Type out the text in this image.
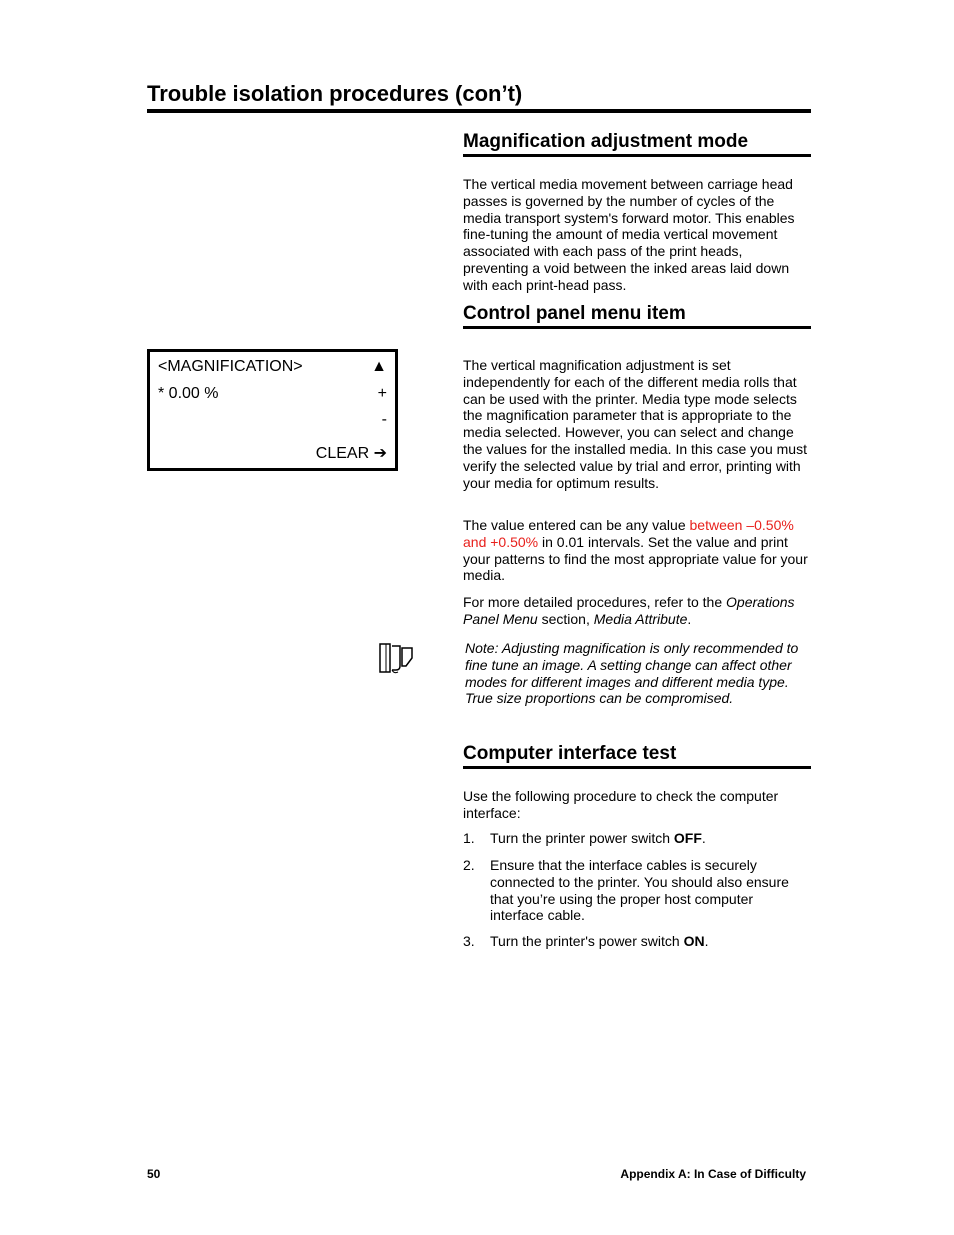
Trouble isolation procedures (con’t)
Magnification adjustment mode
The vertical media movement between carriage head passes is governed by the number of cycles of the media transport system's forward motor. This enables fine-tuning the amount of media vertical movement associated with each pass of the print heads, preventing a void between the inked areas laid down with each print-head pass.
Control panel menu item
<MAGNIFICATION>	▲
* 0.00 %	+
-
CLEAR ➔
The vertical magnification adjustment is set independently for each of the different media rolls that can be used with the printer. Media type mode selects the magnification parameter that is appropriate to the media selected. However, you can select and change the values for the installed media. In this case you must verify the selected value by trial and error, printing with your media for optimum results.
The value entered can be any value between –0.50% and +0.50% in 0.01 intervals. Set the value and print your patterns to find the most appropriate value for your media.
For more detailed procedures, refer to the Operations Panel Menu section, Media Attribute.
Note: Adjusting magnification is only recommended to fine tune an image. A setting change can affect other modes for different images and different media type. True size proportions can be compromised.
Computer interface test
Use the following procedure to check the computer interface:
1. Turn the printer power switch OFF.
2. Ensure that the interface cables is securely connected to the printer. You should also ensure that you’re using the proper host computer interface cable.
3. Turn the printer's power switch ON.
50	Appendix A: In Case of Difficulty
